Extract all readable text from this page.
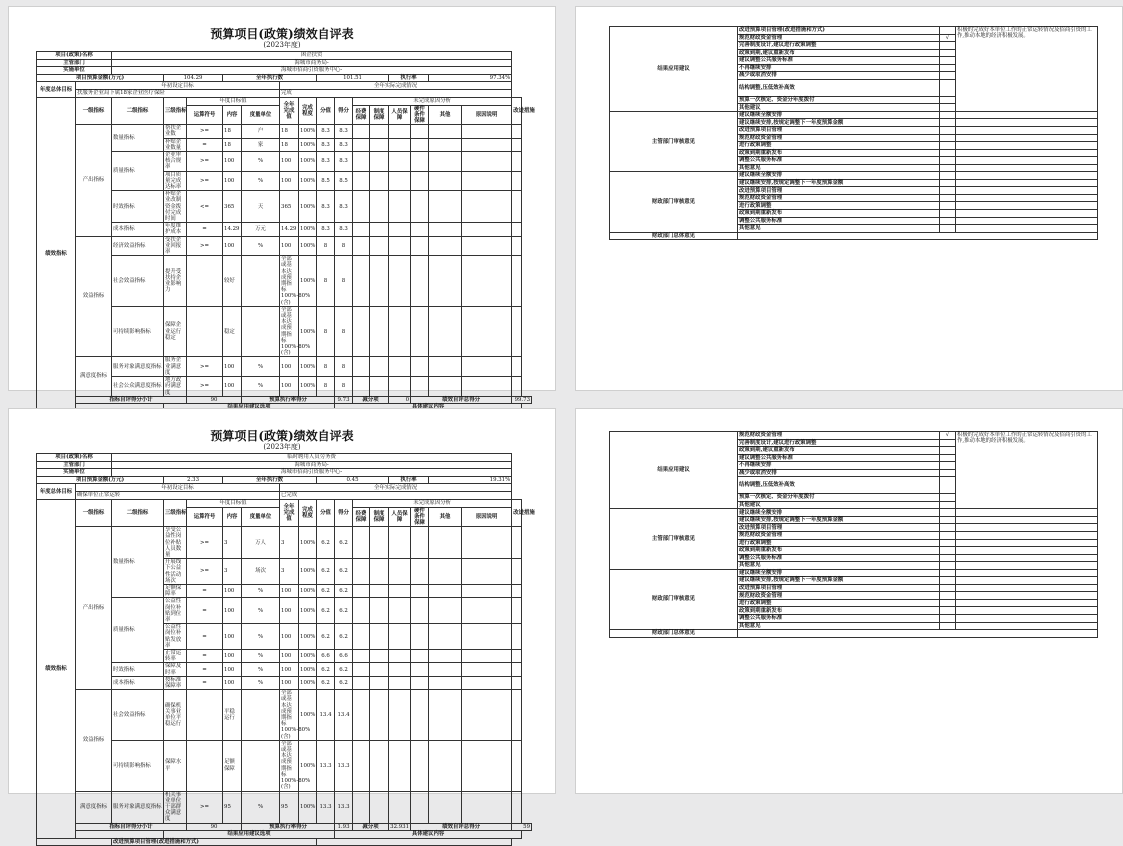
预算项目(政策)绩效自评表
(2023年度)
项目(政策)名称		困企扶贸															
主管部门		海城市商务局-															
实施单位		海城市招商引资服务中心-															
项目预算金额(万元)			104.29		全年执行数				101.51				执行率		97.34%		
年度总体目标	年初设定目标						全年实际完成情况										
	扶服务企业局下属18家企业医疗保险						完成										
绩效指标	一级指标	二级指标	三级指标	年度目标值			全年完成值	完成程度	分值	得分	未完成原因分析						改进措施
				运算符号	内容	度量单位					经费保障	制度保障	人员保障	硬件条件保障	其他	原因说明	
	产出指标	数量指标	帮扶企业数	>=	18	户	18	100%	8.3	8.3							
			补贴企业数量	=	18	家	18	100%	8.3	8.3							
		质量指标	企业审核合规率	>=	100	%	100	100%	8.3	8.3							
			项目质量完成达标率	>=	100	%	100	100%	8.5	8.5							
		时效指标	补贴企业改制资金拨付完成时间	<=	365	天	365	100%	8.3	8.3							
		成本指标	年度维护成本	=	14.29	万元	14.29	100%	8.3	8.3							
	效益指标	经济效益指标	受扶企业回报率	>=	100	%	100	100%	8	8							
		社会效益指标	提升受扶持企业影响力		较好		全部或基本达成预期指标100%-80%(含)	100%	8	8							
		可持续影响指标	保障企业运行稳定		稳定		全部或基本达成预期指标100%-80%(含)	100%	8	8							
	满意度指标	服务对象满意度指标	服务企业满意度	>=	100	%	100	100%	8	8							
		社会公众满意度指标	地方政府满意度	>=	100	%	100	100%	8	8							
	指标自评得分小计			90		预算执行率得分				9.73	减分项		0	绩效自评总得分			99.73

结果应用建议	改进预算项目管理(改进措施和方式)		积极的完成好本单位工作的正常运转情况及招商引资的工作,推动本地的经济积极发展。
	规范财政资金管理	√	
	完善制度设计,建议进行政策调整		
	政策到期,建议重新发布		
	建议调整公共服务标准		
	不再继续安排		
	减少或取消安排		
	结构调整,压低效补高效		
	预算一次核定、资金分年度拨付		
	其他建议		
主管部门审核意见	建议继续全额安排		
	建议继续安排,按规定调整下一年度预算金额		
	改进预算项目管理		
	规范财政资金管理		
	进行政策调整		
	政策到期重新发布		
	调整公共服务标准		
	其他意见		
财政部门审核意见	建议继续全额安排		
	建议继续安排,按规定调整下一年度预算金额		
	改进预算项目管理		
	规范财政资金管理		
	进行政策调整		
	政策到期重新发布		
	调整公共服务标准		
	其他意见		
财政部门总体意见			
预算项目(政策)绩效自评表
(2023年度)
项目(政策)名称		临时聘用人员劳务费															
主管部门		海城市商务局-															
实施单位		海城市招商引资服务中心-															
项目预算金额(万元)			2.33		全年执行数				0.45				执行率		19.31%		
年度总体目标	年初设定目标						全年实际完成情况										
	确保单位正常运转						已完成										
绩效指标	一级指标	二级指标	三级指标	年度目标值			全年完成值	完成程度	分值	得分	未完成原因分析						改进措施
				运算符号	内容	度量单位					经费保障	制度保障	人员保障	硬件条件保障	其他	原因说明	
	产出指标	数量指标	享受公益性岗位补贴人员数量	>=	3	万人	3	100%	6.2	6.2							
			开展线下公益性活动场次	>=	3	场次	3	100%	6.2	6.2							
			足额保障率	=	100	%	100	100%	6.2	6.2							
		质量指标	公益性岗位补贴到位率	=	100	%	100	100%	6.2	6.2							
			公益性岗位补贴发放率	=	100	%	100	100%	6.2	6.2							
			正常运转率	=	100	%	100	100%	6.6	6.6							
		时效指标	保障及时率	=	100	%	100	100%	6.2	6.2							
		成本指标	按标准保障率	=	100	%	100	100%	6.2	6.2							
	效益指标	社会效益指标	确保机关事业单位平稳运行		平稳运行		全部或基本达成预期指标100%-80%(含)	100%	13.4	13.4							
		可持续影响指标	保障水平		足额保障		全部或基本达成预期指标100%-80%(含)	100%	13.3	13.3							
	满意度指标	服务对象满意度指标	机关事业单位干部群众满意度	>=	95	%	95	100%	13.3	13.3							
	指标自评得分小计			90		预算执行率得分				1.93	减分项		32.931	绩效自评总得分			59
			结果应用建议选项							具体建议内容							
		改进预算项目管理(改进措施和方式)															
结果应用建议	规范财政资金管理	√	积极的完成好本单位工作的正常运转情况及招商引资的工作,推动本地的经济积极发展。
	完善制度设计,建议进行政策调整		
	政策到期,建议重新发布		
	建议调整公共服务标准		
	不再继续安排		
	减少或取消安排		
	结构调整,压低效补高效		
	预算一次核定、资金分年度拨付		
	其他建议		
主管部门审核意见	建议继续全额安排		
	建议继续安排,按规定调整下一年度预算金额		
	改进预算项目管理		
	规范财政资金管理		
	进行政策调整		
	政策到期重新发布		
	调整公共服务标准		
	其他意见		
财政部门审核意见	建议继续全额安排		
	建议继续安排,按规定调整下一年度预算金额		
	改进预算项目管理		
	规范财政资金管理		
	进行政策调整		
	政策到期重新发布		
	调整公共服务标准		
	其他意见		
财政部门总体意见			
